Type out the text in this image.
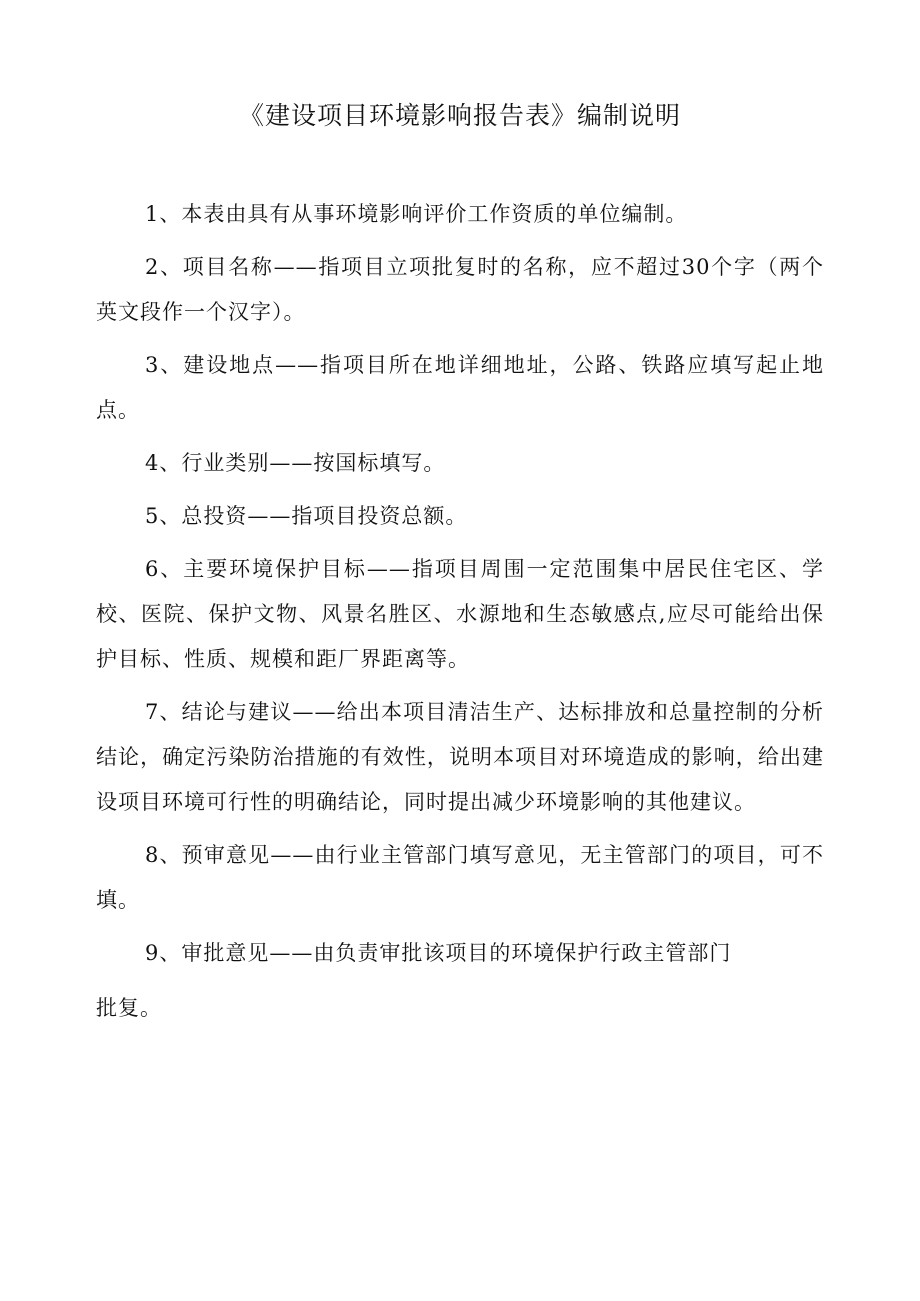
《建设项目环境影响报告表》编制说明

1、本表由具有从事环境影响评价工作资质的单位编制。

2、项目名称——指项目立项批复时的名称，应不超过30个字（两个英文段作一个汉字）。

3、建设地点——指项目所在地详细地址，公路、铁路应填写起止地点。

4、行业类别——按国标填写。

5、总投资——指项目投资总额。

6、主要环境保护目标——指项目周围一定范围集中居民住宅区、学校、医院、保护文物、风景名胜区、水源地和生态敏感点,应尽可能给出保护目标、性质、规模和距厂界距离等。

7、结论与建议——给出本项目清洁生产、达标排放和总量控制的分析结论，确定污染防治措施的有效性，说明本项目对环境造成的影响，给出建设项目环境可行性的明确结论，同时提出减少环境影响的其他建议。

8、预审意见——由行业主管部门填写意见，无主管部门的项目，可不填。

9、审批意见——由负责审批该项目的环境保护行政主管部门

批复。
